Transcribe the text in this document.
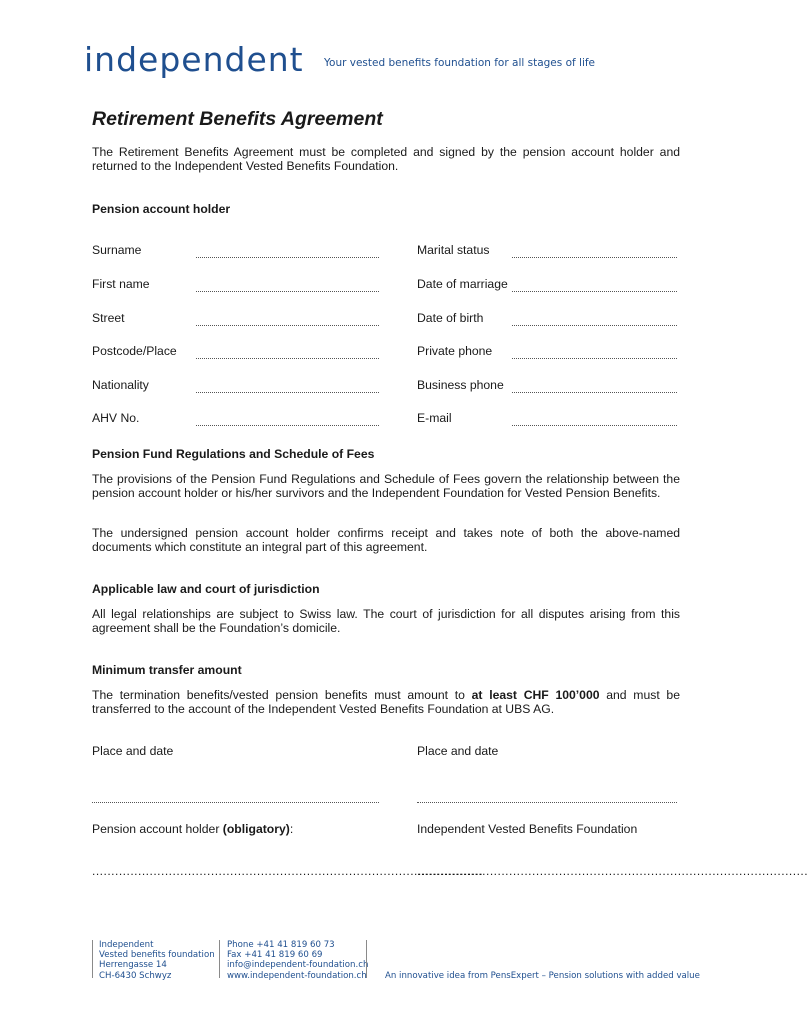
independent Your vested benefits foundation for all stages of life
Retirement Benefits Agreement

The Retirement Benefits Agreement must be completed and signed by the pension account holder and returned to the Independent Vested Benefits Foundation.

Pension account holder

Surname
First name
Street
Postcode/Place
Nationality
AHV No.
Marital status
Date of marriage
Date of birth
Private phone
Business phone
E-mail

Pension Fund Regulations and Schedule of Fees

The provisions of the Pension Fund Regulations and Schedule of Fees govern the relationship between the pension account holder or his/her survivors and the Independent Foundation for Vested Pension Benefits.

The undersigned pension account holder confirms receipt and takes note of both the above-named documents which constitute an integral part of this agreement.

Applicable law and court of jurisdiction

All legal relationships are subject to Swiss law. The court of jurisdiction for all disputes arising from this agreement shall be the Foundation’s domicile.

Minimum transfer amount

The termination benefits/vested pension benefits must amount to at least CHF 100’000 and must be transferred to the account of the Independent Vested Benefits Foundation at UBS AG.

Place and date	Place and date
Pension account holder (obligatory):	Independent Vested Benefits Foundation
......................................................................................................
......................................................................................................
Independent
Vested benefits foundation
Herrengasse 14
CH-6430 Schwyz
Phone +41 41 819 60 73
Fax +41 41 819 60 69
info@independent-foundation.ch
www.independent-foundation.ch An innovative idea from PensExpert – Pension solutions with added value
